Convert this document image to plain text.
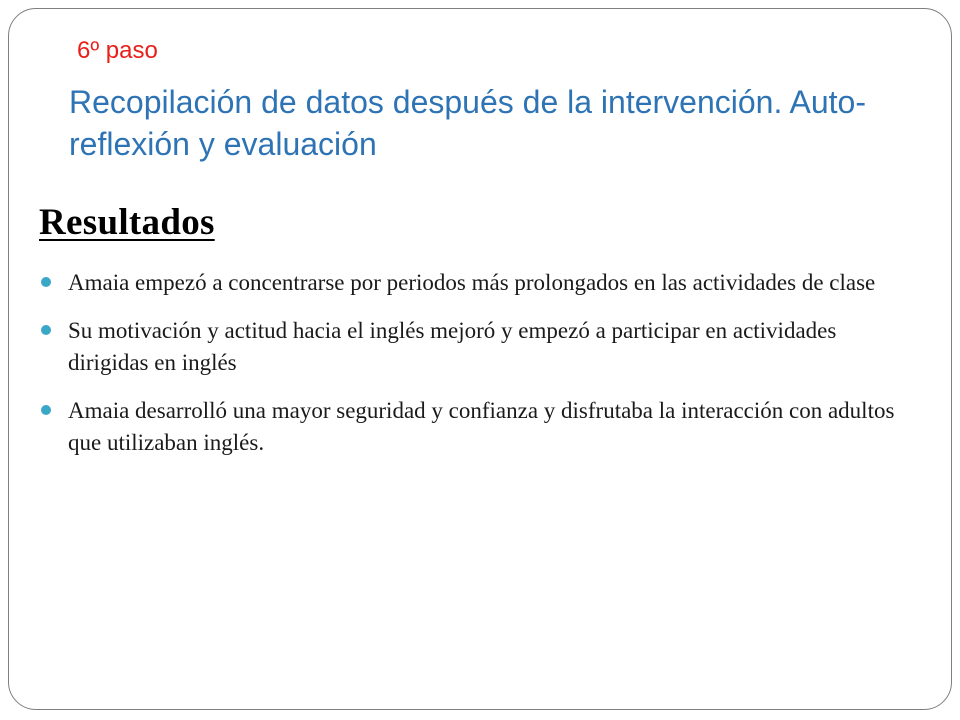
6º paso
Recopilación de datos después de la intervención. Auto-reflexión y evaluación
Resultados
Amaia empezó a concentrarse por periodos más prolongados en las actividades de clase
Su motivación y actitud hacia el inglés mejoró y empezó a participar en actividades dirigidas en inglés
Amaia desarrolló una mayor seguridad y confianza y disfrutaba la interacción con adultos que utilizaban inglés.
